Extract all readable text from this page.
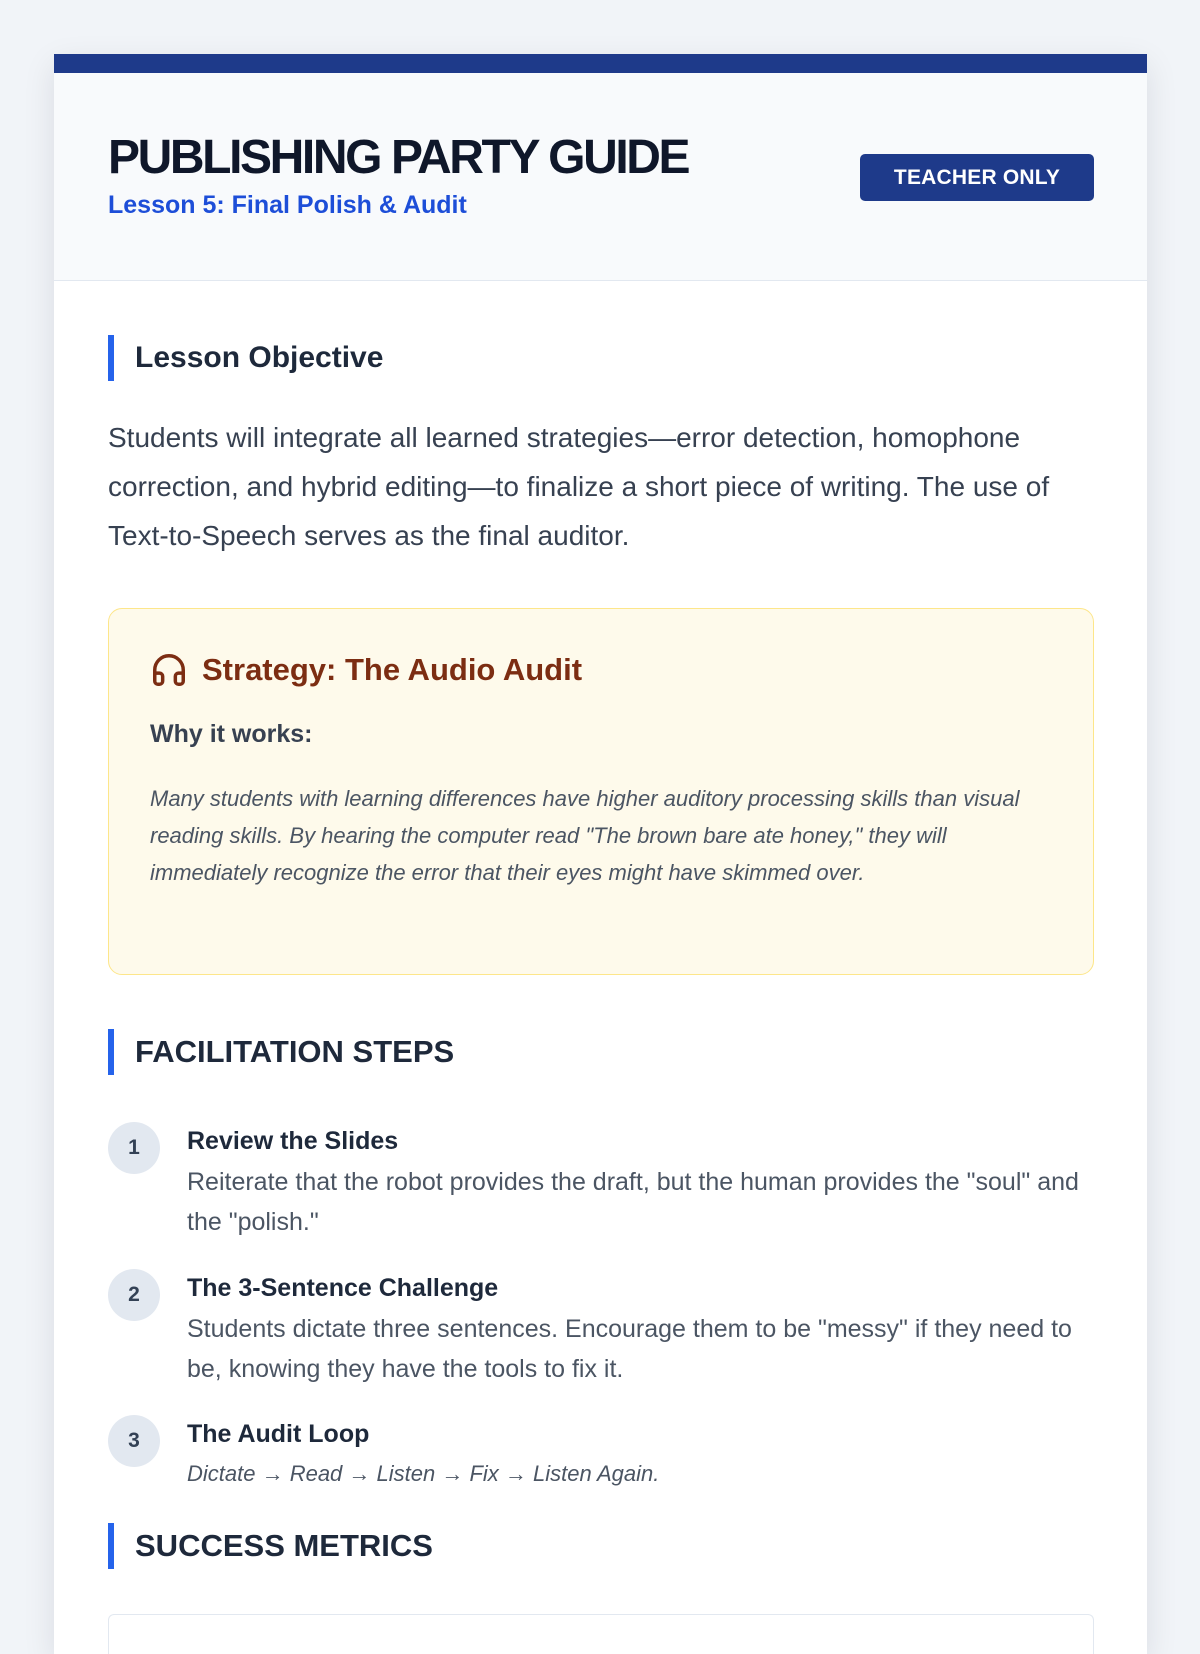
PUBLISHING PARTY GUIDE
Lesson 5: Final Polish & Audit
TEACHER ONLY
Lesson Objective
Students will integrate all learned strategies—error detection, homophone correction, and hybrid editing—to finalize a short piece of writing. The use of Text-to-Speech serves as the final auditor.
Strategy: The Audio Audit
Why it works:
Many students with learning differences have higher auditory processing skills than visual reading skills. By hearing the computer read "The brown bare ate honey," they will immediately recognize the error that their eyes might have skimmed over.
FACILITATION STEPS
1	Review the Slides
Reiterate that the robot provides the draft, but the human provides the "soul" and the "polish."
2	The 3-Sentence Challenge
Students dictate three sentences. Encourage them to be "messy" if they need to be, knowing they have the tools to fix it.
3	The Audit Loop
Dictate → Read → Listen → Fix → Listen Again.
SUCCESS METRICS
